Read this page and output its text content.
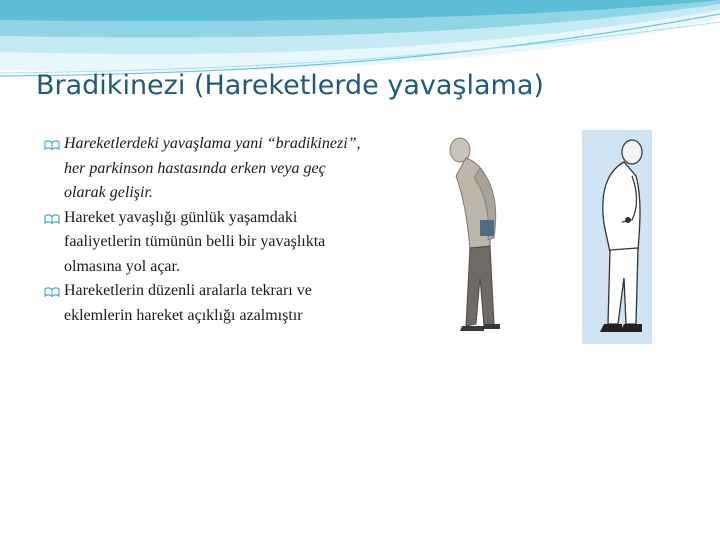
Bradikinezi (Hareketlerde yavaşlama)
Hareketlerdeki yavaşlama yani “bradikinezi”, her parkinson hastasında erken veya geç olarak gelişir.
Hareket yavaşlığı günlük yaşamdaki faaliyetlerin tümünün belli bir yavaşlıkta olmasına yol açar.
Hareketlerin düzenli aralarla tekrarı ve eklemlerin hareket açıklığı azalmıştır
